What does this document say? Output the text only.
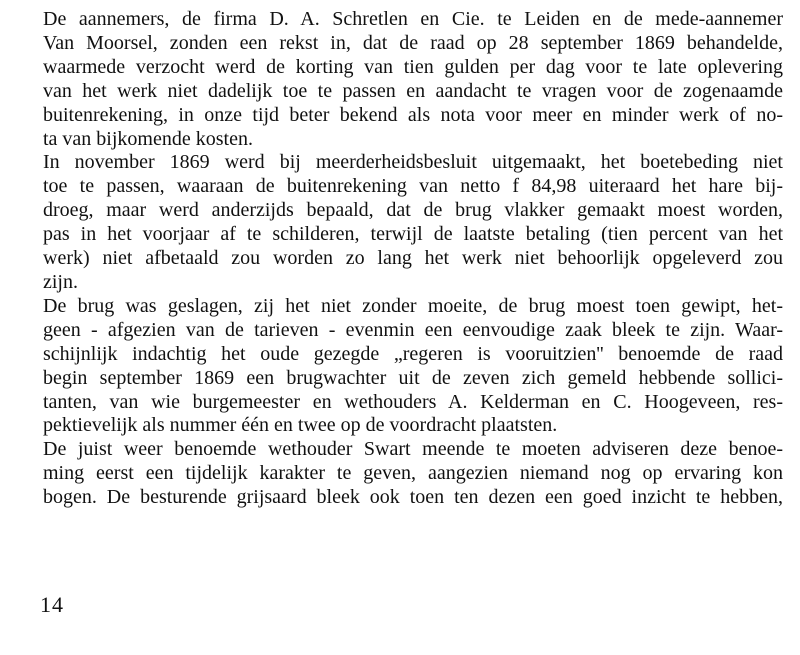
De aannemers, de firma D. A. Schretlen en Cie. te Leiden en de mede-aannemer
Van Moorsel, zonden een rekst in, dat de raad op 28 september 1869 behandelde,
waarmede verzocht werd de korting van tien gulden per dag voor te late oplevering
van het werk niet dadelijk toe te passen en aandacht te vragen voor de zogenaamde
buitenrekening, in onze tijd beter bekend als nota voor meer en minder werk of no-
ta van bijkomende kosten.
In november 1869 werd bij meerderheidsbesluit uitgemaakt, het boetebeding niet
toe te passen, waaraan de buitenrekening van netto f 84,98 uiteraard het hare bij-
droeg, maar werd anderzijds bepaald, dat de brug vlakker gemaakt moest worden,
pas in het voorjaar af te schilderen, terwijl de laatste betaling (tien percent van het
werk) niet afbetaald zou worden zo lang het werk niet behoorlijk opgeleverd zou
zijn.
De brug was geslagen, zij het niet zonder moeite, de brug moest toen gewipt, het-
geen - afgezien van de tarieven - evenmin een eenvoudige zaak bleek te zijn. Waar-
schijnlijk indachtig het oude gezegde „regeren is vooruitzien'' benoemde de raad
begin september 1869 een brugwachter uit de zeven zich gemeld hebbende sollici-
tanten, van wie burgemeester en wethouders A. Kelderman en C. Hoogeveen, res-
pektievelijk als nummer één en twee op de voordracht plaatsten.
De juist weer benoemde wethouder Swart meende te moeten adviseren deze benoe-
ming eerst een tijdelijk karakter te geven, aangezien niemand nog op ervaring kon
bogen. De besturende grijsaard bleek ook toen ten dezen een goed inzicht te hebben,
14
